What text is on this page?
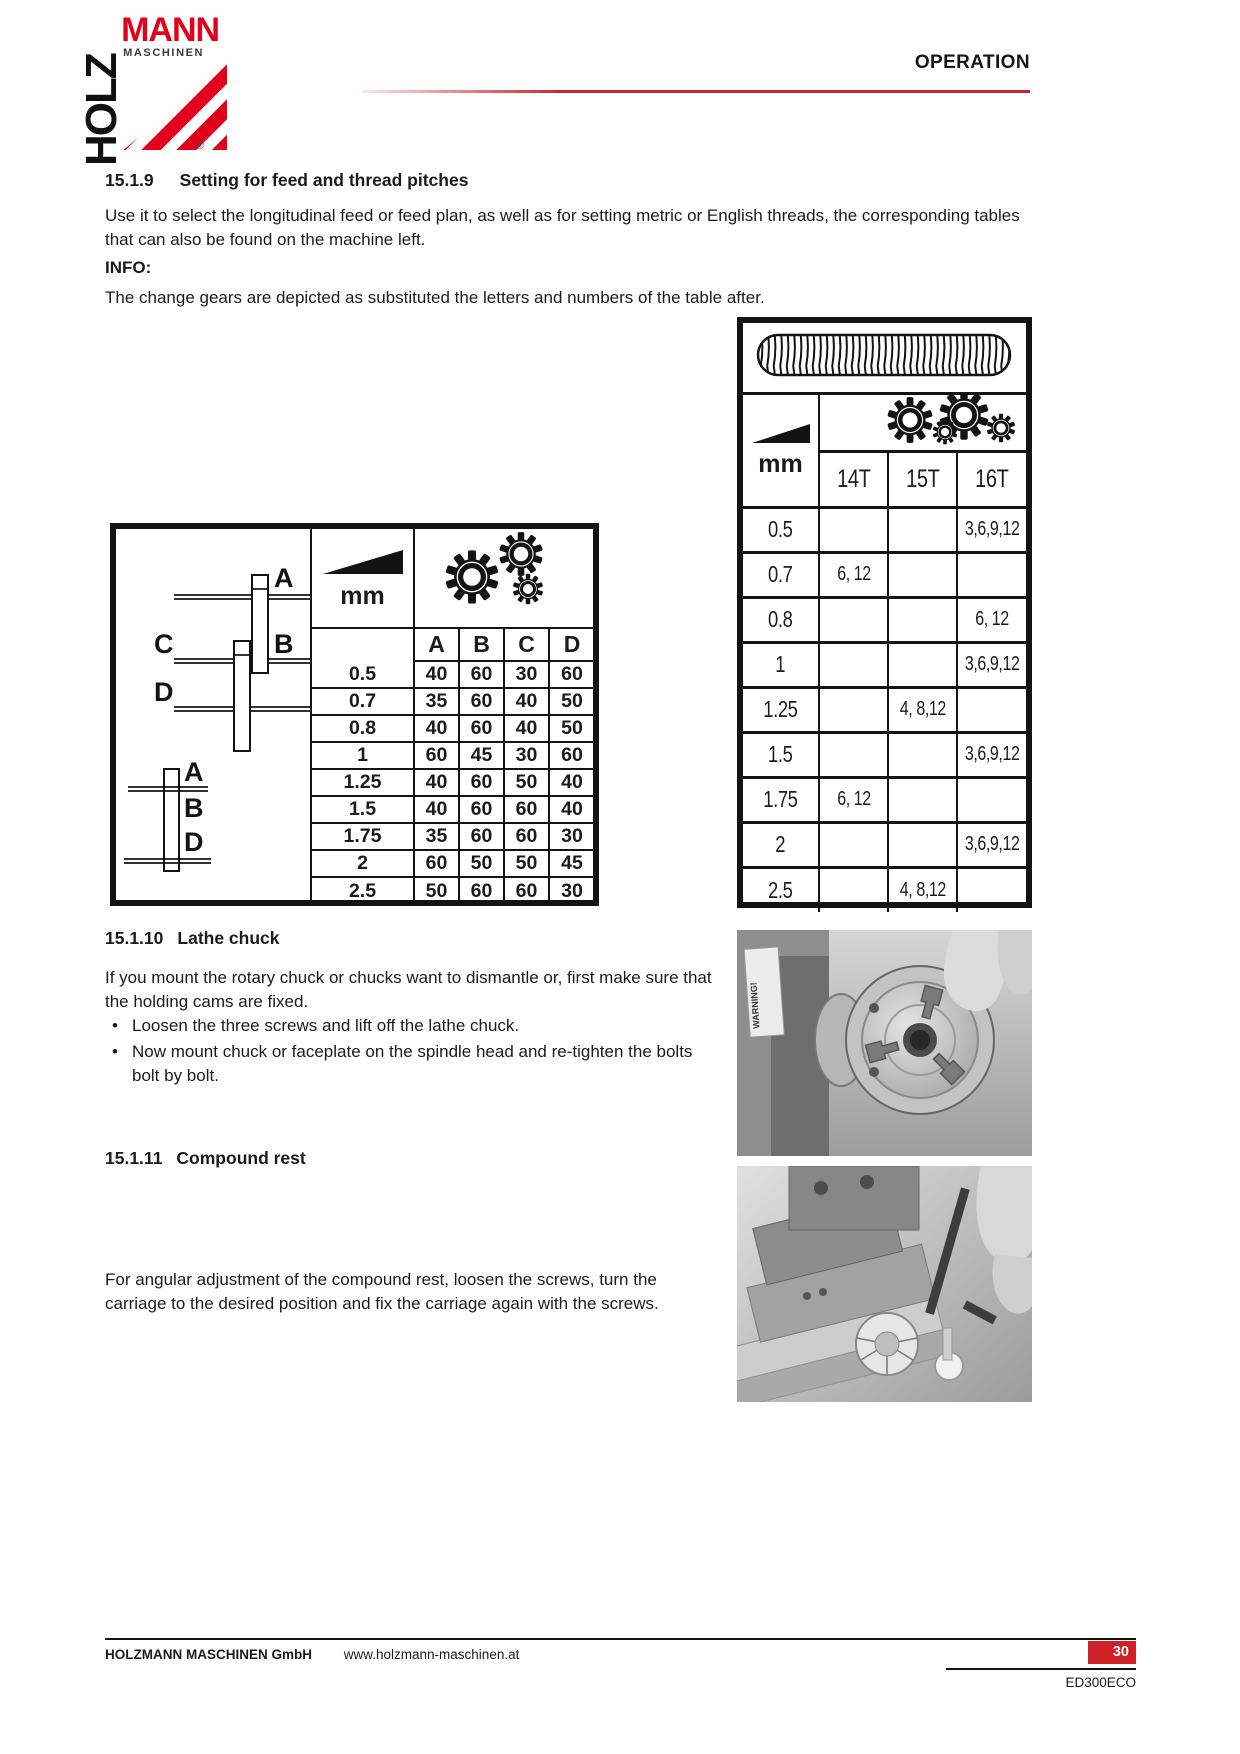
HOLZ
MANN
MASCHINEN
®
OPERATION
15.1.9 Setting for feed and thread pitches
Use it to select the longitudinal feed or feed plan, as well as for setting metric or English threads, the corresponding tables that can also be found on the machine left.
INFO:
The change gears are depicted as substituted the letters and numbers of the table after.
A
C	B
D
A
B
D
mm

	A	B	C	D
0.5	40	60	30	60
0.7	35	60	40	50
0.8	40	60	40	50
1	60	45	30	60
1.25	40	60	50	40
1.5	40	60	60	40
1.75	35	60	60	30
2	60	50	50	45
2.5	50	60	60	30

mm

	14T	15T	16T
0.5			3,6,9,12
0.7	6, 12		
0.8			6, 12
1			3,6,9,12
1.25		4, 8,12	
1.5			3,6,9,12
1.75	6, 12		
2			3,6,9,12
2.5		4, 8,12	
15.1.10 Lathe chuck
If you mount the rotary chuck or chucks want to dismantle or, first make sure that the holding cams are fixed.
• Loosen the three screws and lift off the lathe chuck.
• Now mount chuck or faceplate on the spindle head and re-tighten the bolts bolt by bolt.
WARNING!
15.1.11 Compound rest
For angular adjustment of the compound rest, loosen the screws, turn the carriage to the desired position and fix the carriage again with the screws.
HOLZMANN MASCHINEN GmbH www.holzmann-maschinen.at	30
ED300ECO
